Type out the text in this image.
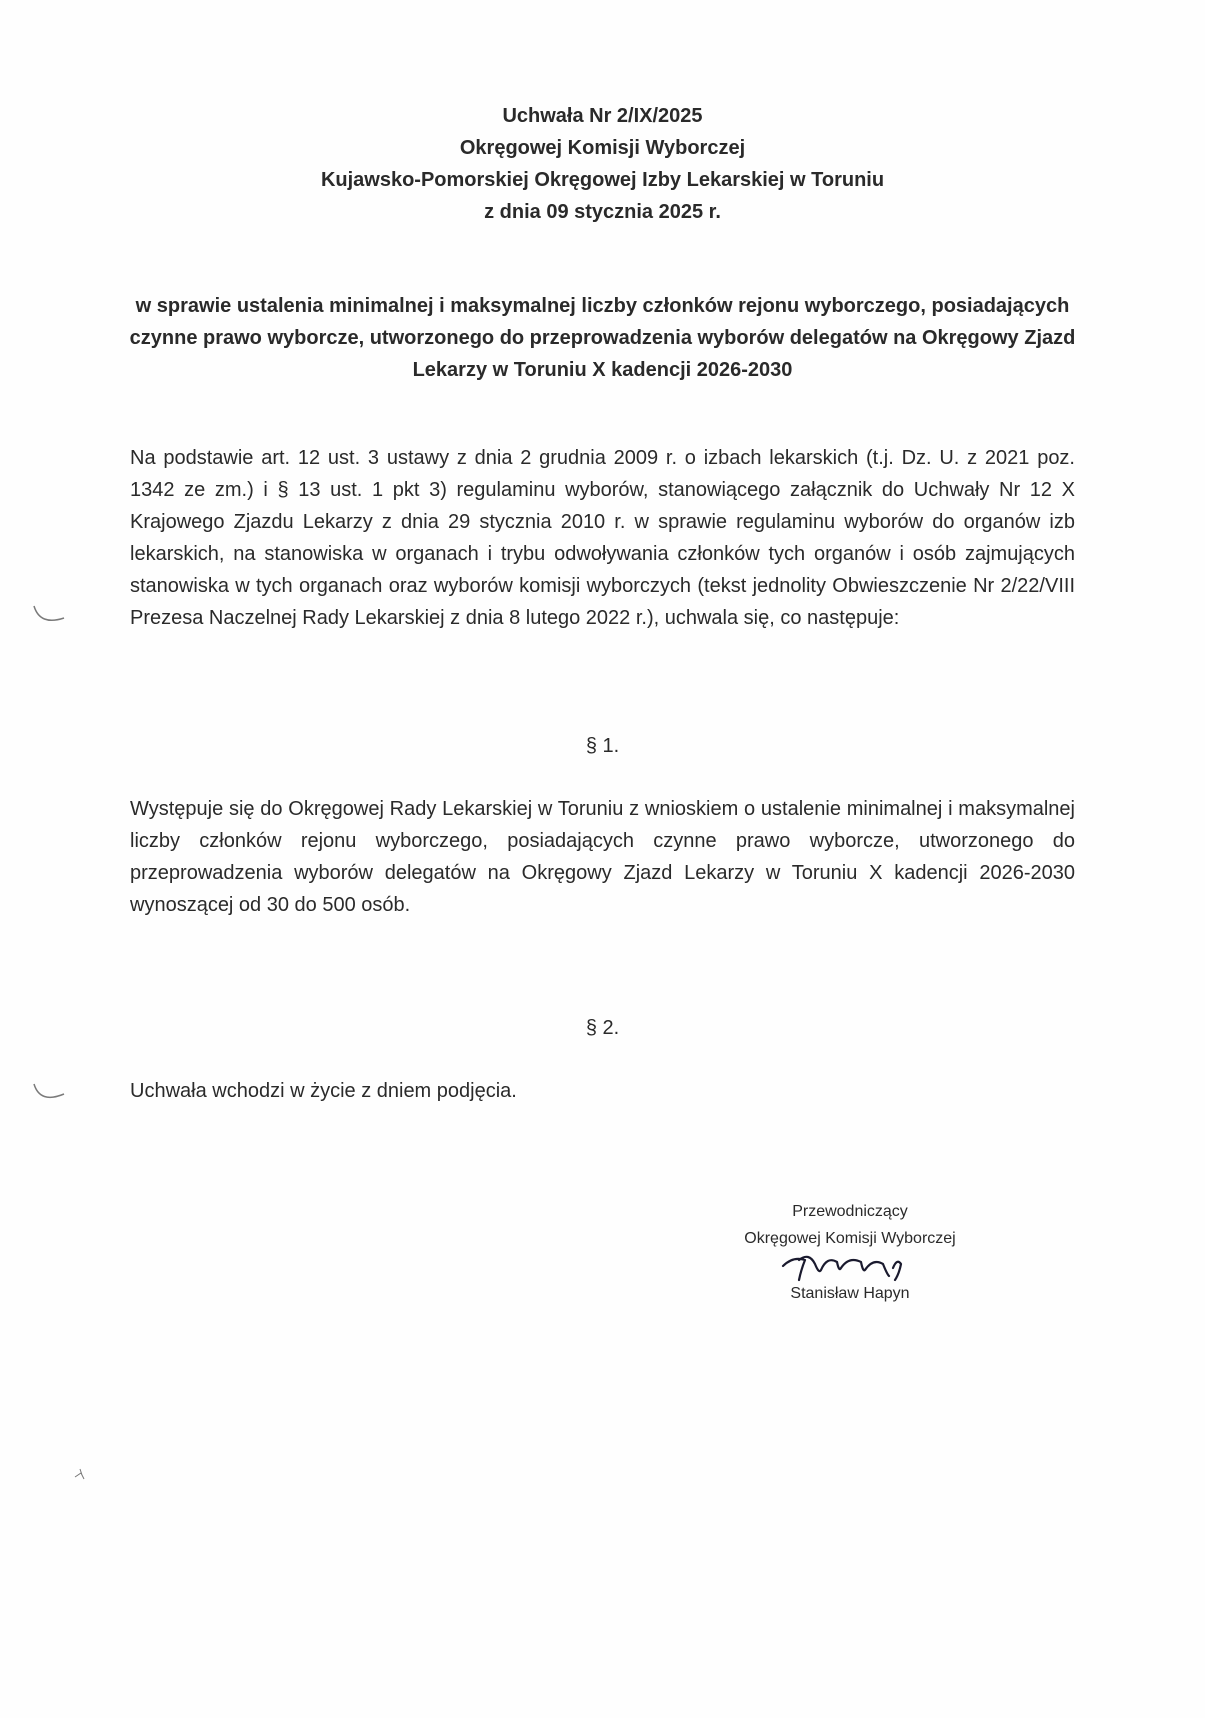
Uchwała Nr 2/IX/2025
Okręgowej Komisji Wyborczej
Kujawsko-Pomorskiej Okręgowej Izby Lekarskiej w Toruniu
z dnia 09 stycznia 2025 r.
w sprawie ustalenia minimalnej i maksymalnej liczby członków rejonu wyborczego, posiadających czynne prawo wyborcze, utworzonego do przeprowadzenia wyborów delegatów na Okręgowy Zjazd Lekarzy w Toruniu X kadencji 2026-2030
Na podstawie art. 12 ust. 3 ustawy z dnia 2 grudnia 2009 r. o izbach lekarskich (t.j. Dz. U. z 2021 poz. 1342 ze zm.) i § 13 ust. 1 pkt 3) regulaminu wyborów, stanowiącego załącznik do Uchwały Nr 12 X Krajowego Zjazdu Lekarzy z dnia 29 stycznia 2010 r. w sprawie regulaminu wyborów do organów izb lekarskich, na stanowiska w organach i trybu odwoływania członków tych organów i osób zajmujących stanowiska w tych organach oraz wyborów komisji wyborczych (tekst jednolity Obwieszczenie Nr 2/22/VIII Prezesa Naczelnej Rady Lekarskiej z dnia 8 lutego 2022 r.), uchwala się, co następuje:
§ 1.
Występuje się do Okręgowej Rady Lekarskiej w Toruniu z wnioskiem o ustalenie minimalnej i maksymalnej liczby członków rejonu wyborczego, posiadających czynne prawo wyborcze, utworzonego do przeprowadzenia wyborów delegatów na Okręgowy Zjazd Lekarzy w Toruniu X kadencji 2026-2030 wynoszącej od 30 do 500 osób.
§ 2.
Uchwała wchodzi w życie z dniem podjęcia.
Przewodniczący
Okręgowej Komisji Wyborczej
Stanisław Hapyn
